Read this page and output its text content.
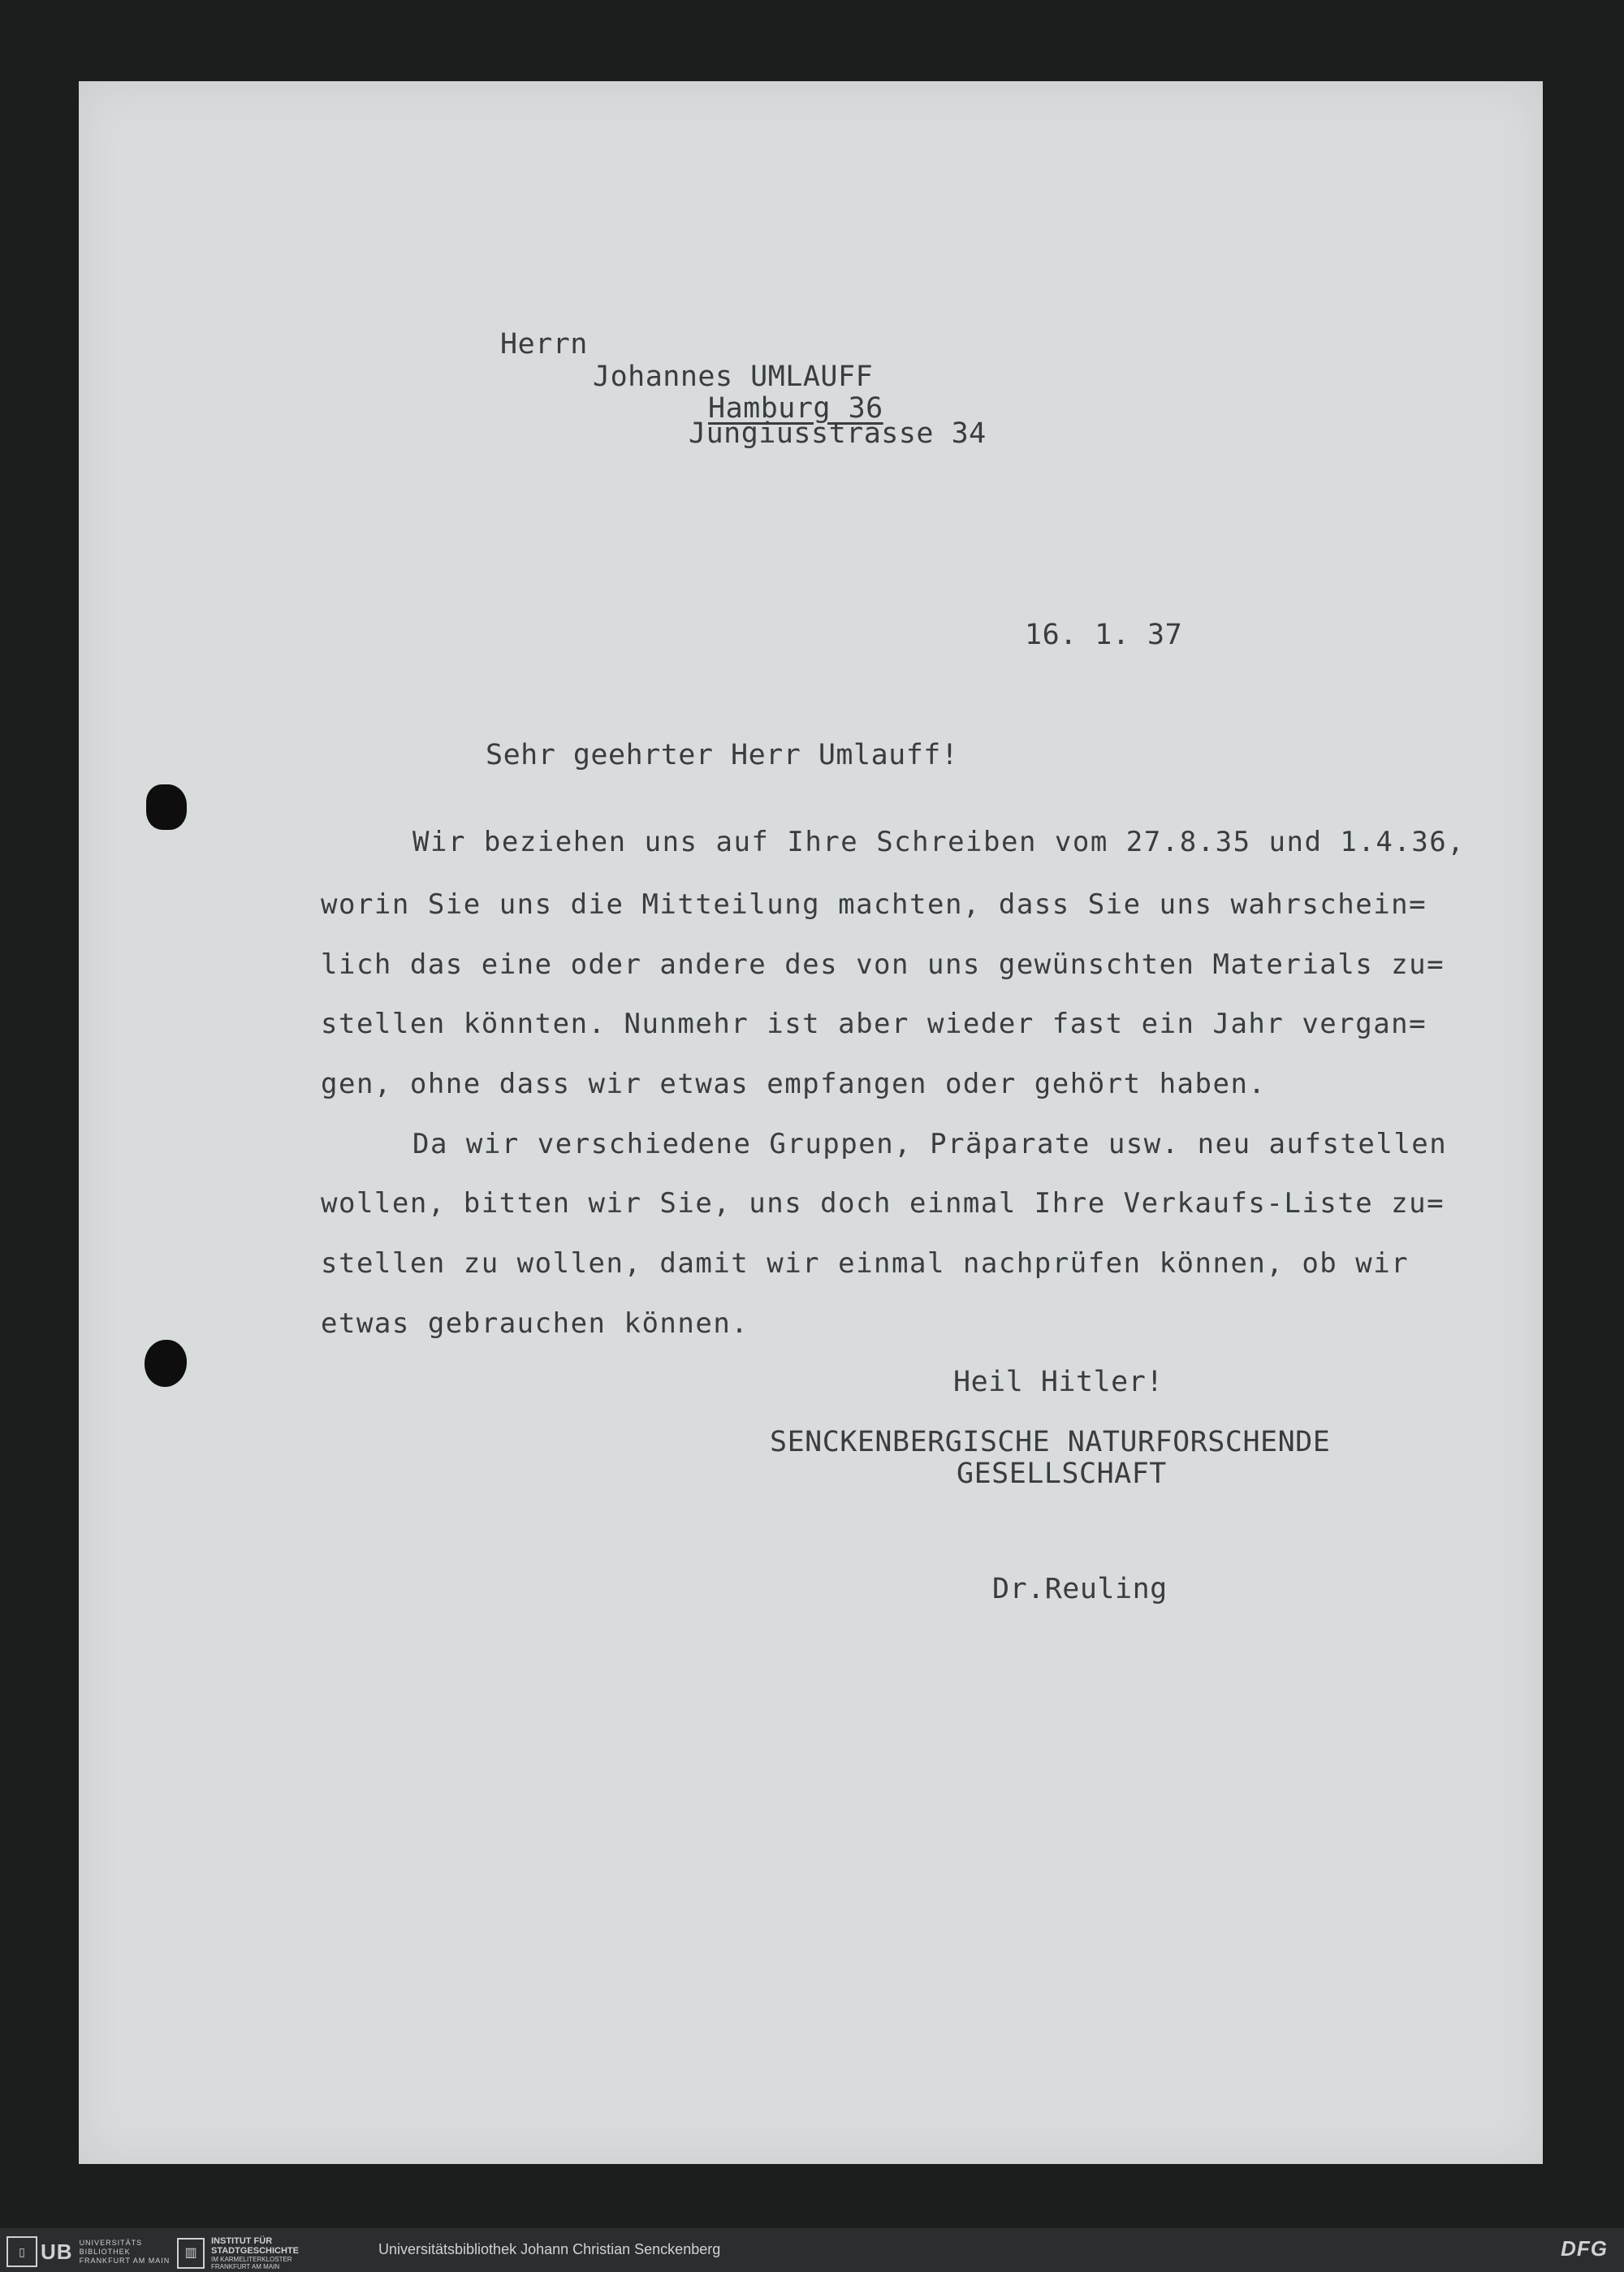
Herrn

Johannes UMLAUFF

Hamburg 36

Jungiusstrasse 34

16. 1. 37

Sehr geehrter Herr Umlauff!

Wir beziehen uns auf Ihre Schreiben vom 27.8.35 und 1.4.36,

worin Sie uns die Mitteilung machten, dass Sie uns wahrschein=

lich das eine oder andere des von uns gewünschten Materials zu=

stellen könnten. Nunmehr ist aber wieder fast ein Jahr vergan=

gen, ohne dass wir etwas empfangen oder gehört haben.

Da wir verschiedene Gruppen, Präparate usw. neu aufstellen

wollen, bitten wir Sie, uns doch einmal Ihre Verkaufs-Liste zu=

stellen zu wollen, damit wir einmal nachprüfen können, ob wir

etwas gebrauchen können.

Heil Hitler!

SENCKENBERGISCHE NATURFORSCHENDE

GESELLSCHAFT

Dr.Reuling

▯ UB UNIVERSITÄTS
BIBLIOTHEK
FRANKFURT AM MAIN
▥
INSTITUT FÜR
STADTGESCHICHTE
IM KARMELITERKLOSTER
FRANKFURT AM MAIN
Universitätsbibliothek Johann Christian Senckenberg	DFG
